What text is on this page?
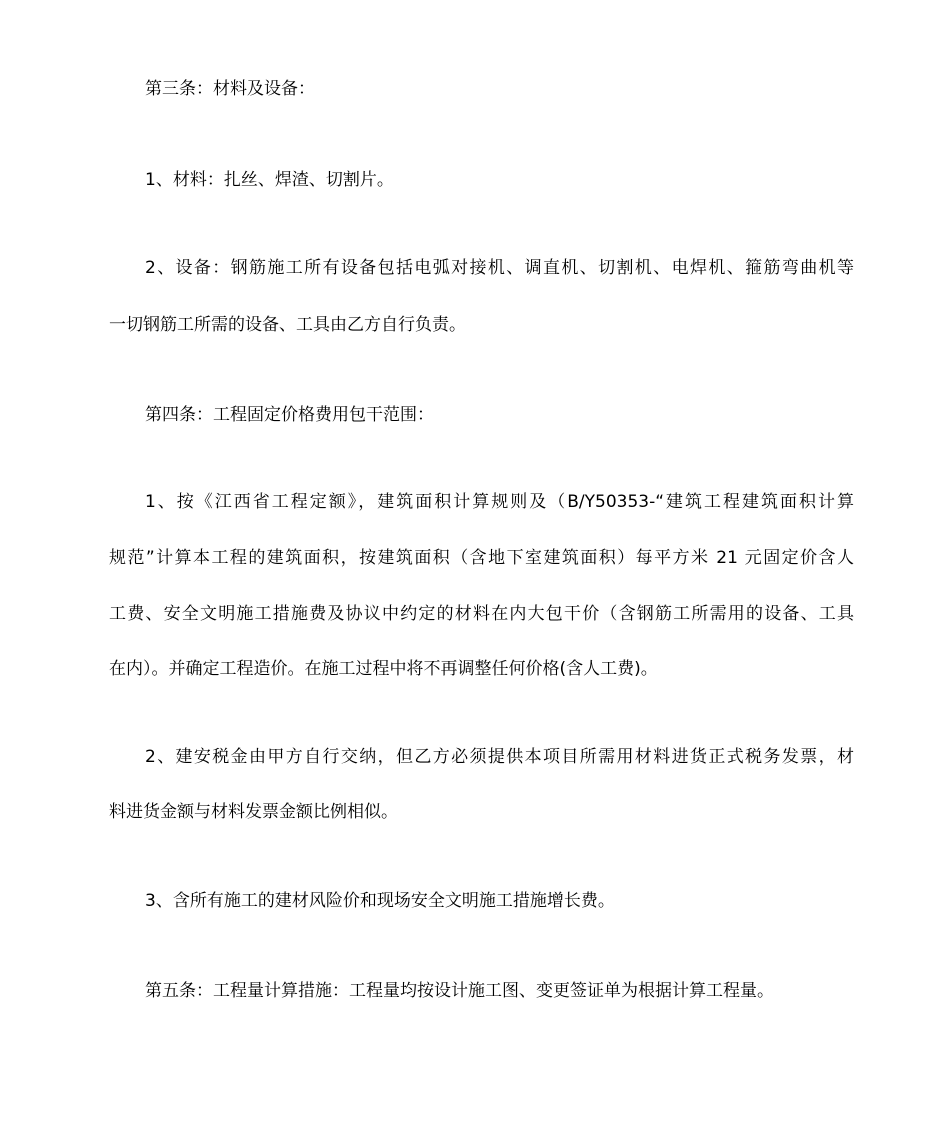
第三条：材料及设备：
1、材料：扎丝、焊渣、切割片。
2、设备：钢筋施工所有设备包括电弧对接机、调直机、切割机、电焊机、箍筋弯曲机等
一切钢筋工所需的设备、工具由乙方自行负责。
第四条：工程固定价格费用包干范围：
1、按《江西省工程定额》，建筑面积计算规则及（B/Y50353-“建筑工程建筑面积计算
规范”计算本工程的建筑面积，按建筑面积（含地下室建筑面积）每平方米 21 元固定价含人
工费、安全文明施工措施费及协议中约定的材料在内大包干价（含钢筋工所需用的设备、工具
在内）。并确定工程造价。在施工过程中将不再调整任何价格(含人工费)。
2、建安税金由甲方自行交纳，但乙方必须提供本项目所需用材料进货正式税务发票，材
料进货金额与材料发票金额比例相似。
3、含所有施工的建材风险价和现场安全文明施工措施增长费。
第五条：工程量计算措施：工程量均按设计施工图、变更签证单为根据计算工程量。
